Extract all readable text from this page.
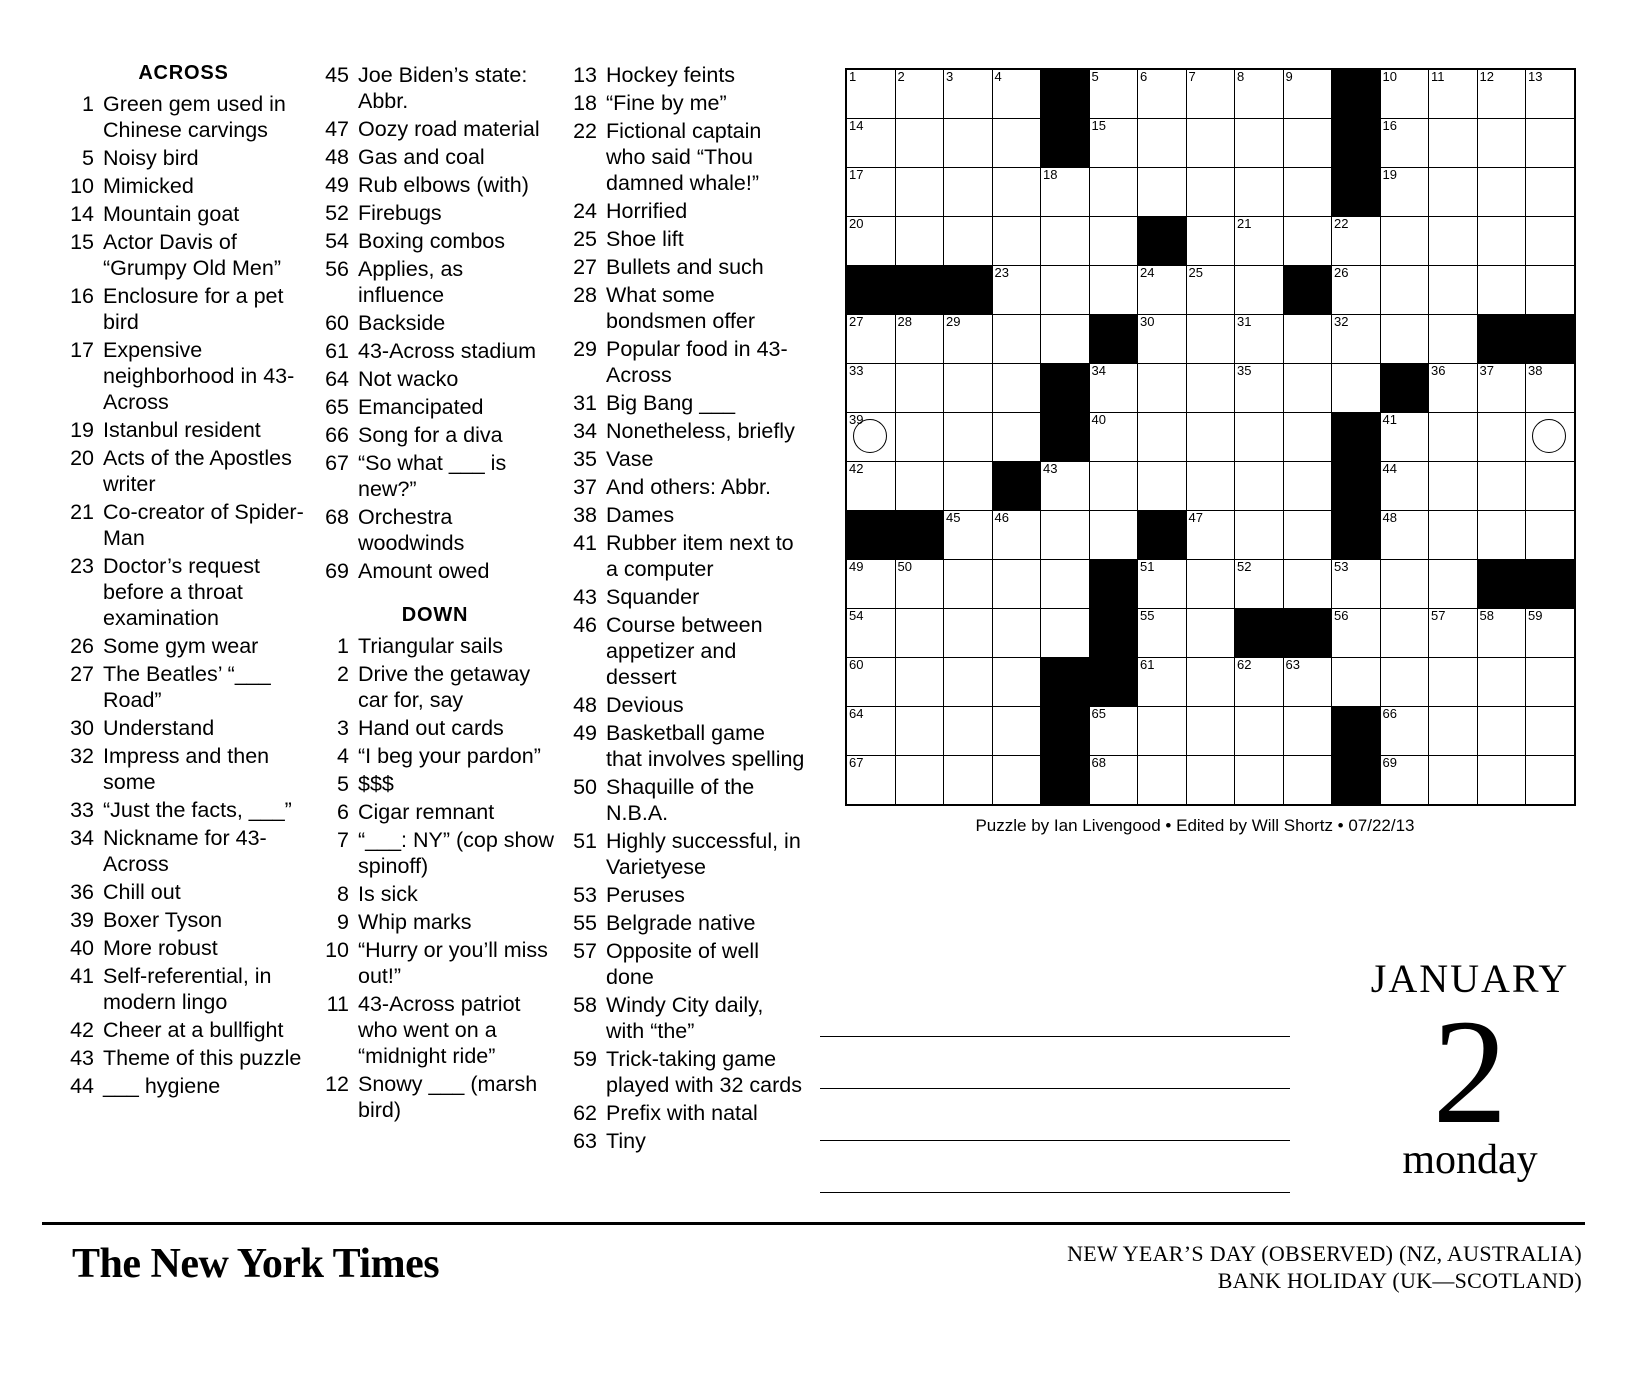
ACROSS
1 Green gem used in Chinese carvings
5 Noisy bird
10 Mimicked
14 Mountain goat
15 Actor Davis of “Grumpy Old Men”
16 Enclosure for a pet bird
17 Expensive neighborhood in 43-Across
19 Istanbul resident
20 Acts of the Apostles writer
21 Co-creator of Spider-Man
23 Doctor’s request before a throat examination
26 Some gym wear
27 The Beatles’ “___ Road”
30 Understand
32 Impress and then some
33 “Just the facts, ___”
34 Nickname for 43-Across
36 Chill out
39 Boxer Tyson
40 More robust
41 Self-referential, in modern lingo
42 Cheer at a bullfight
43 Theme of this puzzle
44 ___ hygiene
45 Joe Biden’s state: Abbr.
47 Oozy road material
48 Gas and coal
49 Rub elbows (with)
52 Firebugs
54 Boxing combos
56 Applies, as influence
60 Backside
61 43-Across stadium
64 Not wacko
65 Emancipated
66 Song for a diva
67 “So what ___ is new?”
68 Orchestra woodwinds
69 Amount owed
DOWN
1 Triangular sails
2 Drive the getaway car for, say
3 Hand out cards
4 “I beg your pardon”
5 $$$
6 Cigar remnant
7 “___: NY” (cop show spinoff)
8 Is sick
9 Whip marks
10 “Hurry or you’ll miss out!”
11 43-Across patriot who went on a “midnight ride”
12 Snowy ___ (marsh bird)
13 Hockey feints
18 “Fine by me”
22 Fictional captain who said “Thou damned whale!”
24 Horrified
25 Shoe lift
27 Bullets and such
28 What some bondsmen offer
29 Popular food in 43-Across
31 Big Bang ___
34 Nonetheless, briefly
35 Vase
37 And others: Abbr.
38 Dames
41 Rubber item next to a computer
43 Squander
46 Course between appetizer and dessert
48 Devious
49 Basketball game that involves spelling
50 Shaquille of the N.B.A.
51 Highly successful, in Varietyese
53 Peruses
55 Belgrade native
57 Opposite of well done
58 Windy City daily, with “the”
59 Trick-taking game played with 32 cards
62 Prefix with natal
63 Tiny
1	2	3	4		5	6	7	8	9		10	11	12	13

14					15						16			

17				18							19			

20								21		22				

			23			24	25			26				

27	28	29				30		31		32				

33					34			35				36	37	38

39					40						41			

42				43							44			

		45	46				47				48			

49	50					51		52		53				

54						55				56		57	58	59

60						61		62	63					

64					65						66			

67					68						69			

Puzzle by Ian Livengood • Edited by Will Shortz • 07/22/13
JANUARY
2
monday
The New York Times	NEW YEAR’S DAY (OBSERVED) (NZ, AUSTRALIA)
BANK HOLIDAY (UK—SCOTLAND)
